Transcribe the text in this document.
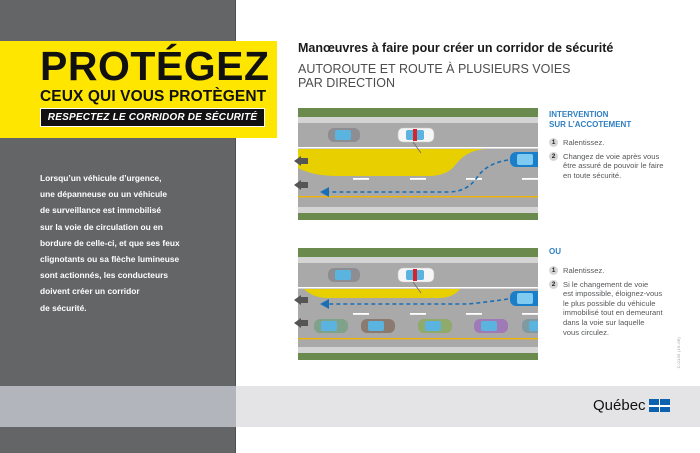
PROTÉGEZ
CEUX QUI VOUS PROTÈGENT
RESPECTEZ LE CORRIDOR DE SÉCURITÉ
Lorsqu’un véhicule d’urgence,
une dépanneuse ou un véhicule
de surveillance est immobilisé
sur la voie de circulation ou en
bordure de celle-ci, et que ses feux
clignotants ou sa flèche lumineuse
sont actionnés, les conducteurs
doivent créer un corridor
de sécurité.
Manœuvres à faire pour créer un corridor de sécurité
AUTOROUTE ET ROUTE À PLUSIEURS VOIES
PAR DIRECTION
INTERVENTION
SUR L’ACCOTEMENT
1	Ralentissez.
2	Changez de voie après vous
être assuré de pouvoir le faire
en toute sécurité.
OU
1	Ralentissez.
2	Si le changement de voie
est impossible, éloignez-vous
le plus possible du véhicule
immobilisé tout en demeurant
dans la voie sur laquelle
vous circulez.
C-0135 (19-06)
Québec
